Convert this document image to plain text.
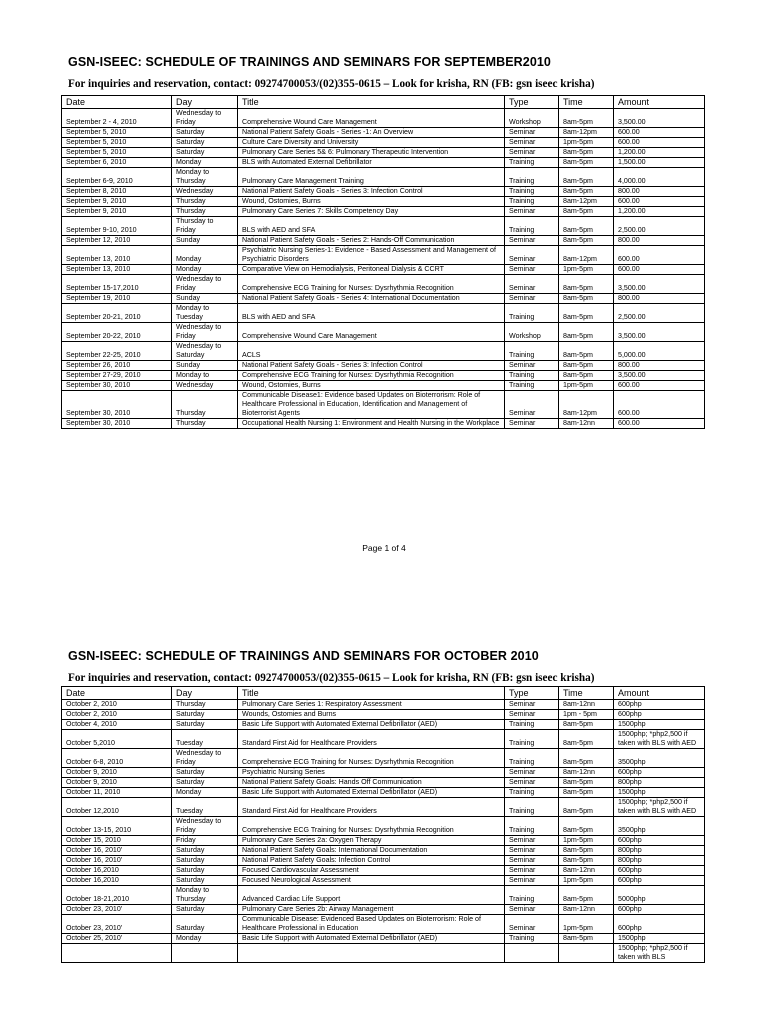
GSN-ISEEC: SCHEDULE OF TRAININGS AND SEMINARS FOR SEPTEMBER2010
For inquiries and reservation, contact: 09274700053/(02)355-0615 – Look for krisha, RN (FB: gsn iseec krisha)
Date	Day	Title	Type	Time	Amount
September 2 - 4, 2010	Wednesday to Friday	Comprehensive Wound Care Management	Workshop	8am-5pm	3,500.00
September 5, 2010	Saturday	National Patient Safety Goals - Series -1: An Overview	Seminar	8am-12pm	600.00
September 5, 2010	Saturday	Culture Care Diversity and University	Seminar	1pm-5pm	600.00
September 5, 2010	Saturday	Pulmonary Care Series 5& 6: Pulmonary Therapeutic Intervention	Seminar	8am-5pm	1,200.00
September 6, 2010	Monday	BLS with Automated External Defibrillator	Training	8am-5pm	1,500.00
September 6-9, 2010	Monday to Thursday	Pulmonary Care Management Training	Training	8am-5pm	4,000.00
September 8, 2010	Wednesday	National Patient Safety Goals - Series 3: Infection Control	Training	8am-5pm	800.00
September 9, 2010	Thursday	Wound, Ostomies, Burns	Training	8am-12pm	600.00
September 9, 2010	Thursday	Pulmonary Care Series 7: Skills Competency Day	Seminar	8am-5pm	1,200.00
September 9-10, 2010	Thursday to Friday	BLS with AED and SFA	Training	8am-5pm	2,500.00
September 12, 2010	Sunday	National Patient Safety Goals - Series 2: Hands-Off Communication	Seminar	8am-5pm	800.00
September 13, 2010	Monday	Psychiatric Nursing Series-1: Evidence - Based Assessment and Management of Psychiatric Disorders	Seminar	8am-12pm	600.00
September 13, 2010	Monday	Comparative View on Hemodialysis, Peritoneal Dialysis & CCRT	Seminar	1pm-5pm	600.00
September 15-17,2010	Wednesday to Friday	Comprehensive ECG Training for Nurses: Dysrhythmia Recognition	Seminar	8am-5pm	3,500.00
September 19, 2010	Sunday	National Patient Safety Goals - Series 4: International Documentation	Seminar	8am-5pm	800.00
September 20-21, 2010	Monday to Tuesday	BLS with AED and SFA	Training	8am-5pm	2,500.00
September 20-22, 2010	Wednesday to Friday	Comprehensive Wound Care Management	Workshop	8am-5pm	3,500.00
September 22-25, 2010	Wednesday to Saturday	ACLS	Training	8am-5pm	5,000.00
September 26, 2010	Sunday	National Patient Safety Goals - Series 3: Infection Control	Seminar	8am-5pm	800.00
September 27-29, 2010	Monday to	Comprehensive ECG Training for Nurses: Dysrhythmia Recognition	Training	8am-5pm	3,500.00
September 30, 2010	Wednesday	Wound, Ostomies, Burns	Training	1pm-5pm	600.00
September 30, 2010	Thursday	Communicable Disease1: Evidence based Updates on Bioterrorism: Role of Healthcare Professional in Education, Identification and Management of Bioterrorist Agents	Seminar	8am-12pm	600.00
September 30, 2010	Thursday	Occupational Health Nursing 1: Environment and Health Nursing in the Workplace	Seminar	8am-12nn	600.00
Page 1 of 4
GSN-ISEEC: SCHEDULE OF TRAININGS AND SEMINARS FOR OCTOBER 2010
For inquiries and reservation, contact: 09274700053/(02)355-0615 – Look for krisha, RN (FB: gsn iseec krisha)
Date	Day	Title	Type	Time	Amount
October 2, 2010	Thursday	Pulmonary Care Series 1: Respiratory Assessment	Seminar	8am-12nn	600php
October 2, 2010	Saturday	Wounds, Ostomies and Burns	Seminar	1pm - 5pm	600php
October 4, 2010	Saturday	Basic Life Support with Automated External Defibrillator (AED)	Training	8am-5pm	1500php
October 5,2010	Tuesday	Standard First Aid for Healthcare Providers	Training	8am-5pm	1500php; *php2,500 if taken with BLS with AED
October 6-8, 2010	Wednesday to Friday	Comprehensive ECG Training for Nurses: Dysrhythmia Recognition	Training	8am-5pm	3500php
October 9, 2010	Saturday	Psychiatric Nursing Series	Seminar	8am-12nn	600php
October 9, 2010	Saturday	National Patient Safety Goals: Hands Off Communication	Seminar	8am-5pm	800php
October 11, 2010	Monday	Basic Life Support with Automated External Defibrillator (AED)	Training	8am-5pm	1500php
October 12,2010	Tuesday	Standard First Aid for Healthcare Providers	Training	8am-5pm	1500php; *php2,500 if taken with BLS with AED
October 13-15, 2010	Wednesday to Friday	Comprehensive ECG Training for Nurses: Dysrhythmia Recognition	Training	8am-5pm	3500php
October 15, 2010	Friday	Pulmonary Care Series 2a: Oxygen Therapy	Seminar	1pm-5pm	600php
October 16, 2010'	Saturday	National Patient Safety Goals: International Documentation	Seminar	8am-5pm	800php
October 16, 2010'	Saturday	National Patient Safety Goals: Infection Control	Seminar	8am-5pm	800php
October 16,2010	Saturday	Focused Cardiovascular Assessment	Seminar	8am-12nn	600php
October 16,2010	Saturday	Focused Neurological Assessment	Seminar	1pm-5pm	600php
October 18-21,2010	Monday to Thursday	Advanced Cardiac Life Support	Training	8am-5pm	5000php
October 23, 2010'	Saturday	Pulmonary Care Series 2b: Airway Management	Seminar	8am-12nn	600php
October 23, 2010'	Saturday	Communicable Disease: Evidenced Based Updates on Bioterrorism: Role of Healthcare Professional in Education	Seminar	1pm-5pm	600php
October 25, 2010'	Monday	Basic Life Support with Automated External Defibrillator (AED)	Training	8am-5pm	1500php
					1500php; *php2,500 if taken with BLS
